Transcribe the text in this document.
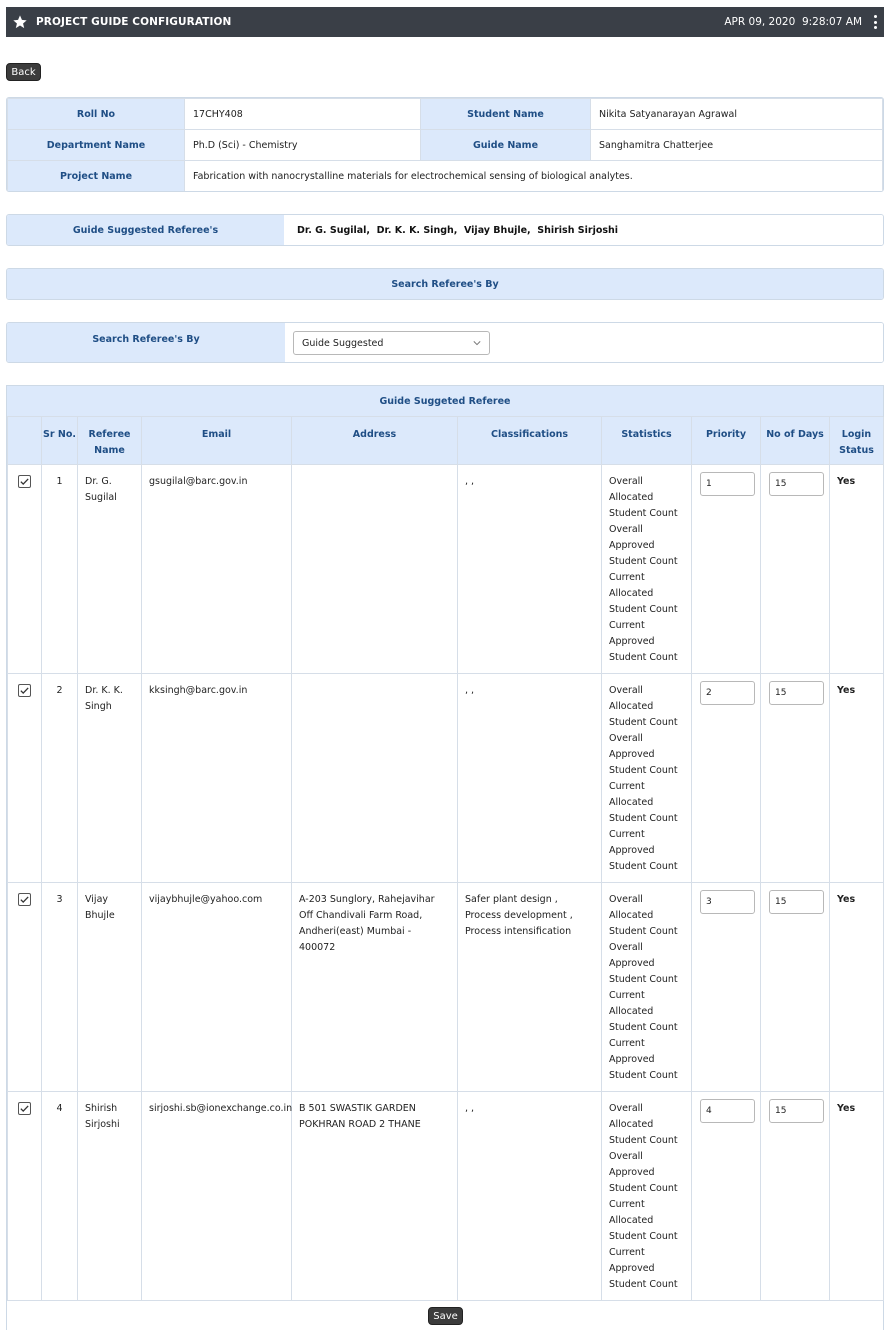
PROJECT GUIDE CONFIGURATION	APR 09, 2020  9:28:07 AM
Back
Roll No	17CHY408	Student Name	Nikita Satyanarayan Agrawal
Department Name	Ph.D (Sci) - Chemistry	Guide Name	Sanghamitra Chatterjee
Project Name	Fabrication with nanocrystalline materials for electrochemical sensing of biological analytes.		
Guide Suggested Referee's	Dr. G. Sugilal,  Dr. K. K. Singh,  Vijay Bhujle,  Shirish Sirjoshi
Search Referee's By
Search Referee's By	Guide Suggested
Guide Suggeted Referee
	Sr No.	Referee Name	Email	Address	Classifications	Statistics	Priority	No of Days	Login Status

	1	Dr. G. Sugilal	gsugilal@barc.gov.in		, ,	Overall Allocated Student Count Overall Approved Student Count Current Allocated Student Count Current Approved Student Count	1	15	Yes

	2	Dr. K. K. Singh	kksingh@barc.gov.in		, ,	Overall Allocated Student Count Overall Approved Student Count Current Allocated Student Count Current Approved Student Count	2	15	Yes

	3	Vijay Bhujle	vijaybhujle@yahoo.com	A-203 Sunglory, Rahejavihar Off Chandivali Farm Road, Andheri(east) Mumbai - 400072	Safer plant design , Process development , Process intensification	Overall Allocated Student Count Overall Approved Student Count Current Allocated Student Count Current Approved Student Count	3	15	Yes

	4	Shirish Sirjoshi	sirjoshi.sb@ionexchange.co.in	B 501 SWASTIK GARDEN POKHRAN ROAD 2 THANE	, ,	Overall Allocated Student Count Overall Approved Student Count Current Allocated Student Count Current Approved Student Count	4	15	Yes
Save
